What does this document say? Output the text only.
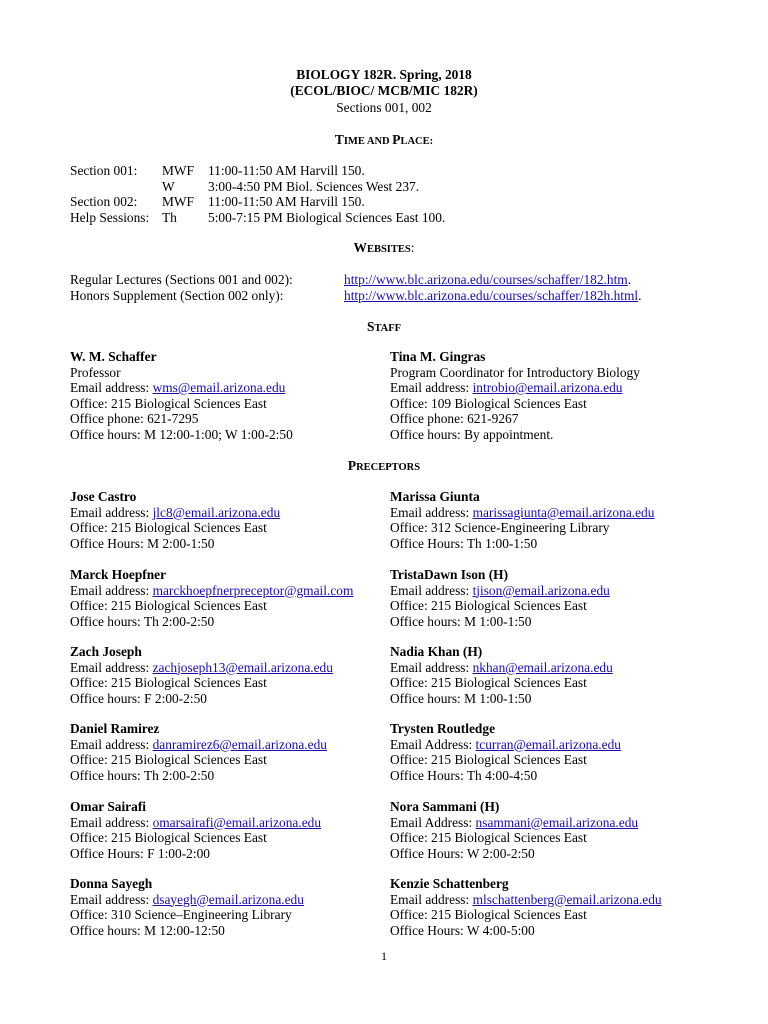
BIOLOGY 182R. Spring, 2018
(ECOL/BIOC/ MCB/MIC 182R)
Sections 001, 002
TIME AND PLACE:
Section 001: MWF 11:00-11:50 AM Harvill 150.
W 3:00-4:50 PM Biol. Sciences West 237.
Section 002: MWF 11:00-11:50 AM Harvill 150.
Help Sessions: Th 5:00-7:15 PM Biological Sciences East 100.
WEBSITES:
Regular Lectures (Sections 001 and 002):	http://www.blc.arizona.edu/courses/schaffer/182.htm.
Honors Supplement (Section 002 only):	http://www.blc.arizona.edu/courses/schaffer/182h.html.
STAFF
W. M. Schaffer
Professor
Email address: wms@email.arizona.edu
Office: 215 Biological Sciences East
Office phone: 621-7295
Office hours: M 12:00-1:00; W 1:00-2:50
Tina M. Gingras
Program Coordinator for Introductory Biology
Email address: introbio@email.arizona.edu
Office: 109 Biological Sciences East
Office phone: 621-9267
Office hours: By appointment.
PRECEPTORS
Jose Castro
Email address: jlc8@email.arizona.edu
Office: 215 Biological Sciences East
Office Hours: M 2:00-1:50
Marck Hoepfner
Email address: marckhoepfnerpreceptor@gmail.com
Office: 215 Biological Sciences East
Office hours: Th 2:00-2:50
Zach Joseph
Email address: zachjoseph13@email.arizona.edu
Office: 215 Biological Sciences East
Office hours: F 2:00-2:50
Daniel Ramirez
Email address: danramirez6@email.arizona.edu
Office: 215 Biological Sciences East
Office hours: Th 2:00-2:50
Omar Sairafi
Email address: omarsairafi@email.arizona.edu
Office: 215 Biological Sciences East
Office Hours: F 1:00-2:00
Donna Sayegh
Email address: dsayegh@email.arizona.edu
Office: 310 Science–Engineering Library
Office hours: M 12:00-12:50
Marissa Giunta
Email address: marissagiunta@email.arizona.edu
Office: 312 Science-Engineering Library
Office Hours: Th 1:00-1:50
TristaDawn Ison (H)
Email address: tjison@email.arizona.edu
Office: 215 Biological Sciences East
Office hours: M 1:00-1:50
Nadia Khan (H)
Email address: nkhan@email.arizona.edu
Office: 215 Biological Sciences East
Office hours: M 1:00-1:50
Trysten Routledge
Email Address: tcurran@email.arizona.edu
Office: 215 Biological Sciences East
Office Hours: Th 4:00-4:50
Nora Sammani (H)
Email Address: nsammani@email.arizona.edu
Office: 215 Biological Sciences East
Office Hours: W 2:00-2:50
Kenzie Schattenberg
Email address: mlschattenberg@email.arizona.edu
Office: 215 Biological Sciences East
Office Hours: W 4:00-5:00
1
